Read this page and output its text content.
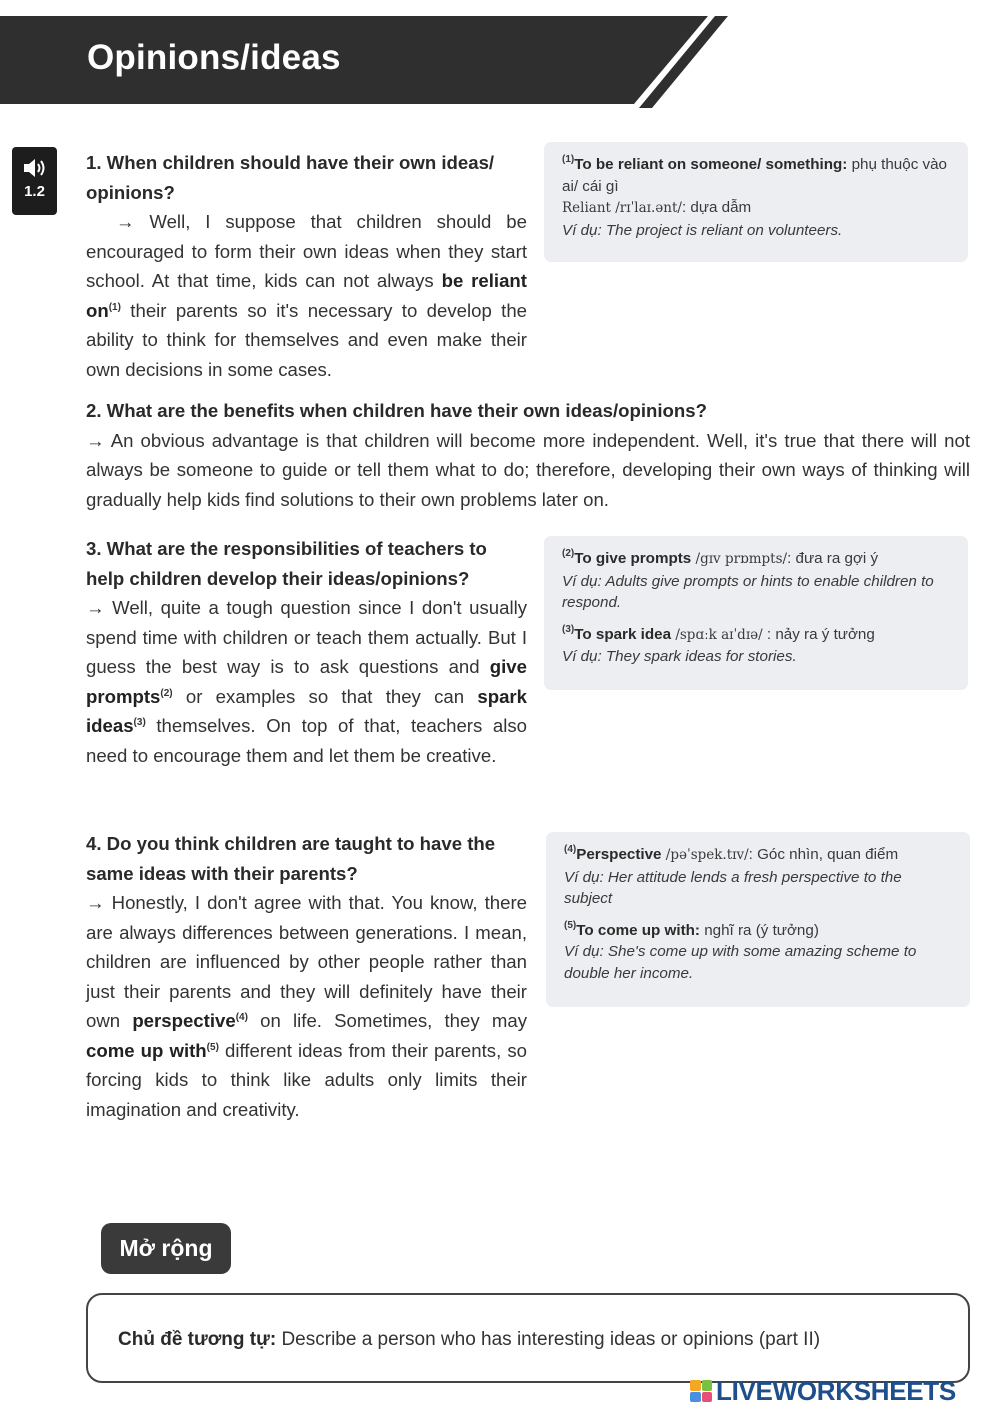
Opinions/ideas
1.2
1. When children should have their own ideas/ opinions?
→ Well, I suppose that children should be encouraged to form their own ideas when they start school. At that time, kids can not always be reliant $on^{(1)}$ their parents so it's necessary to develop the ability to think for themselves and even make their own decisions in some cases.
$^{(1)}$To be reliant on someone/ something: phụ thuộc vào ai/ cái gì
Reliant /rɪˈlaɪ.ənt/: dựa dẫm
Ví dụ: The project is reliant on volunteers.
2. What are the benefits when children have their own ideas/opinions?
→ An obvious advantage is that children will become more independent. Well, it's true that there will not always be someone to guide or tell them what to do; therefore, developing their own ways of thinking will gradually help kids find solutions to their own problems later on.
3. What are the responsibilities of teachers to help children develop their ideas/opinions?
→ Well, quite a tough question since I don't usually spend time with children or teach them actually. But I guess the best way is to ask questions and give prompts$^{(2)}$ or examples so that they can spark ideas$^{(3)}$ themselves. On top of that, teachers also need to encourage them and let them be creative.
$^{(2)}$To give prompts /gɪv prɒmpts/: đưa ra gợi ý
Ví dụ: Adults give prompts or hints to enable children to respond.
$^{(3)}$To spark idea /spɑːk aɪˈdɪə/ : nảy ra ý tưởng
Ví dụ: They spark ideas for stories.
4. Do you think children are taught to have the same ideas with their parents?
→ Honestly, I don't agree with that. You know, there are always differences between generations. I mean, children are influenced by other people rather than just their parents and they will definitely have their own perspective$^{(4)}$ on life. Sometimes, they may come up with$^{(5)}$ different ideas from their parents, so forcing kids to think like adults only limits their imagination and creativity.
$^{(4)}$Perspective /pəˈspek.tɪv/: Góc nhìn, quan điểm
Ví dụ: Her attitude lends a fresh perspective to the subject
$^{(5)}$To come up with: nghĩ ra (ý tưởng)
Ví dụ: She's come up with some amazing scheme to double her income.
Mở rộng
Chủ đề tương tự: Describe a person who has interesting ideas or opinions (part II)
LIVEWORKSHEETS
